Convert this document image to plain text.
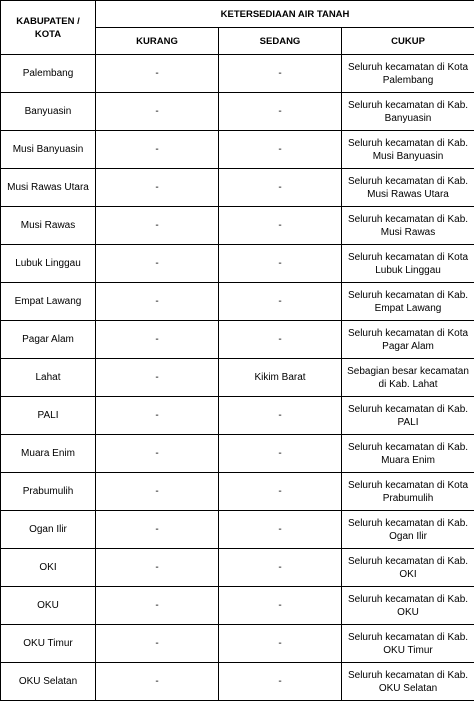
KABUPATEN / KOTA	KETERSEDIAAN AIR TANAH		
	KURANG	SEDANG	CUKUP
Palembang	-	-	Seluruh kecamatan di Kota Palembang
Banyuasin	-	-	Seluruh kecamatan di Kab. Banyuasin
Musi Banyuasin	-	-	Seluruh kecamatan di Kab. Musi Banyuasin
Musi Rawas Utara	-	-	Seluruh kecamatan di Kab. Musi Rawas Utara
Musi Rawas	-	-	Seluruh kecamatan di Kab. Musi Rawas
Lubuk Linggau	-	-	Seluruh kecamatan di Kota Lubuk Linggau
Empat Lawang	-	-	Seluruh kecamatan di Kab. Empat Lawang
Pagar Alam	-	-	Seluruh kecamatan di Kota Pagar Alam
Lahat	-	Kikim Barat	Sebagian besar kecamatan di Kab. Lahat
PALI	-	-	Seluruh kecamatan di Kab. PALI
Muara Enim	-	-	Seluruh kecamatan di Kab. Muara Enim
Prabumulih	-	-	Seluruh kecamatan di Kota Prabumulih
Ogan Ilir	-	-	Seluruh kecamatan di Kab. Ogan Ilir
OKI	-	-	Seluruh kecamatan di Kab. OKI
OKU	-	-	Seluruh kecamatan di Kab. OKU
OKU Timur	-	-	Seluruh kecamatan di Kab. OKU Timur
OKU Selatan	-	-	Seluruh kecamatan di Kab. OKU Selatan
